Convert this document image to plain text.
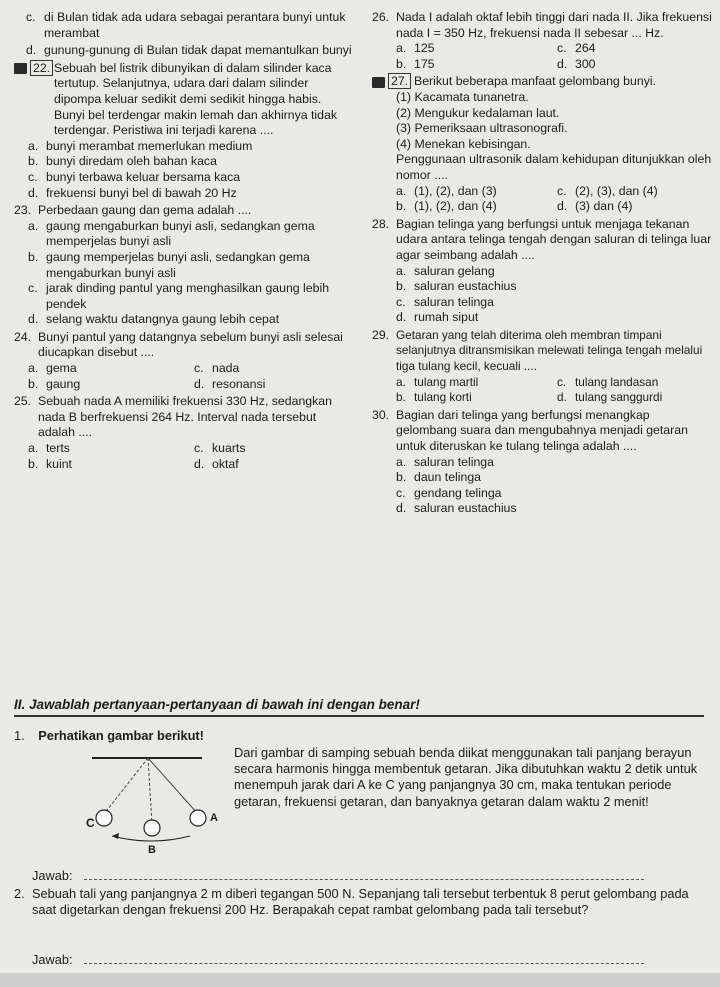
c. di Bulan tidak ada udara sebagai perantara bunyi untuk merambat
d. gunung-gunung di Bulan tidak dapat memantulkan bunyi
22. Sebuah bel listrik dibunyikan di dalam silinder kaca tertutup. Selanjutnya, udara dari dalam silinder dipompa keluar sedikit demi sedikit hingga habis. Bunyi bel terdengar makin lemah dan akhirnya tidak terdengar. Peristiwa ini terjadi karena ....
a. bunyi merambat memerlukan medium
b. bunyi diredam oleh bahan kaca
c. bunyi terbawa keluar bersama kaca
d. frekuensi bunyi bel di bawah 20 Hz
23. Perbedaan gaung dan gema adalah ....
a. gaung mengaburkan bunyi asli, sedangkan gema memperjelas bunyi asli
b. gaung memperjelas bunyi asli, sedangkan gema mengaburkan bunyi asli
c. jarak dinding pantul yang menghasilkan gaung lebih pendek
d. selang waktu datangnya gaung lebih cepat
24. Bunyi pantul yang datangnya sebelum bunyi asli selesai diucapkan disebut ....
a. gema	c. nada
b. gaung	d. resonansi
25. Sebuah nada A memiliki frekuensi 330 Hz, sedangkan nada B berfrekuensi 264 Hz. Interval nada tersebut adalah ....
a. terts	c. kuarts
b. kuint	d. oktaf
26. Nada I adalah oktaf lebih tinggi dari nada II. Jika frekuensi nada I = 350 Hz, frekuensi nada II sebesar ... Hz.
a. 125	c. 264
b. 175	d. 300
27. Berikut beberapa manfaat gelombang bunyi.
(1) Kacamata tunanetra.
(2) Mengukur kedalaman laut.
(3) Pemeriksaan ultrasonografi.
(4) Menekan kebisingan.
Penggunaan ultrasonik dalam kehidupan ditunjukkan oleh nomor ....
a. (1), (2), dan (3)	c. (2), (3), dan (4)
b. (1), (2), dan (4)	d. (3) dan (4)
28. Bagian telinga yang berfungsi untuk menjaga tekanan udara antara telinga tengah dengan saluran di telinga luar agar seimbang adalah ....
a. saluran gelang
b. saluran eustachius
c. saluran telinga
d. rumah siput
29. Getaran yang telah diterima oleh membran timpani selanjutnya ditransmisikan melewati telinga tengah melalui tiga tulang kecil, kecuali ....
a. tulang martil	c. tulang landasan
b. tulang korti	d. tulang sanggurdi
30. Bagian dari telinga yang berfungsi menangkap gelombang suara dan mengubahnya menjadi getaran untuk diteruskan ke tulang telinga adalah ....
a. saluran telinga
b. daun telinga
c. gendang telinga
d. saluran eustachius
II. Jawablah pertanyaan-pertanyaan di bawah ini dengan benar!
1. Perhatikan gambar berikut!
C
B
A
Dari gambar di samping sebuah benda diikat menggunakan tali panjang berayun secara harmonis hingga membentuk getaran. Jika dibutuhkan waktu 2 detik untuk menempuh jarak dari A ke C yang panjangnya 30 cm, maka tentukan periode getaran, frekuensi getaran, dan banyaknya getaran dalam waktu 2 menit!
Jawab:
2. Sebuah tali yang panjangnya 2 m diberi tegangan 500 N. Sepanjang tali tersebut terbentuk 8 perut gelombang pada saat digetarkan dengan frekuensi 200 Hz. Berapakah cepat rambat gelombang pada tali tersebut?
Jawab:
